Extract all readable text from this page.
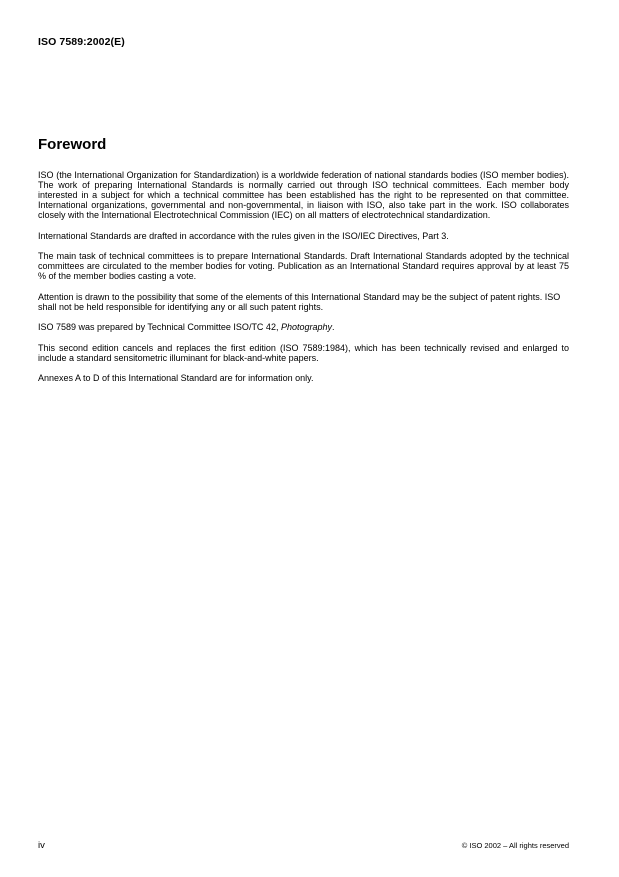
ISO 7589:2002(E)
Foreword

ISO (the International Organization for Standardization) is a worldwide federation of national standards bodies (ISO member bodies). The work of preparing International Standards is normally carried out through ISO technical committees. Each member body interested in a subject for which a technical committee has been established has the right to be represented on that committee. International organizations, governmental and non-governmental, in liaison with ISO, also take part in the work. ISO collaborates closely with the International Electrotechnical Commission (IEC) on all matters of electrotechnical standardization.

International Standards are drafted in accordance with the rules given in the ISO/IEC Directives, Part 3.

The main task of technical committees is to prepare International Standards. Draft International Standards adopted by the technical committees are circulated to the member bodies for voting. Publication as an International Standard requires approval by at least 75 % of the member bodies casting a vote.

Attention is drawn to the possibility that some of the elements of this International Standard may be the subject of patent rights. ISO shall not be held responsible for identifying any or all such patent rights.

ISO 7589 was prepared by Technical Committee ISO/TC 42, Photography.

This second edition cancels and replaces the first edition (ISO 7589:1984), which has been technically revised and enlarged to include a standard sensitometric illuminant for black-and-white papers.

Annexes A to D of this International Standard are for information only.

iv	© ISO 2002 – All rights reserved
